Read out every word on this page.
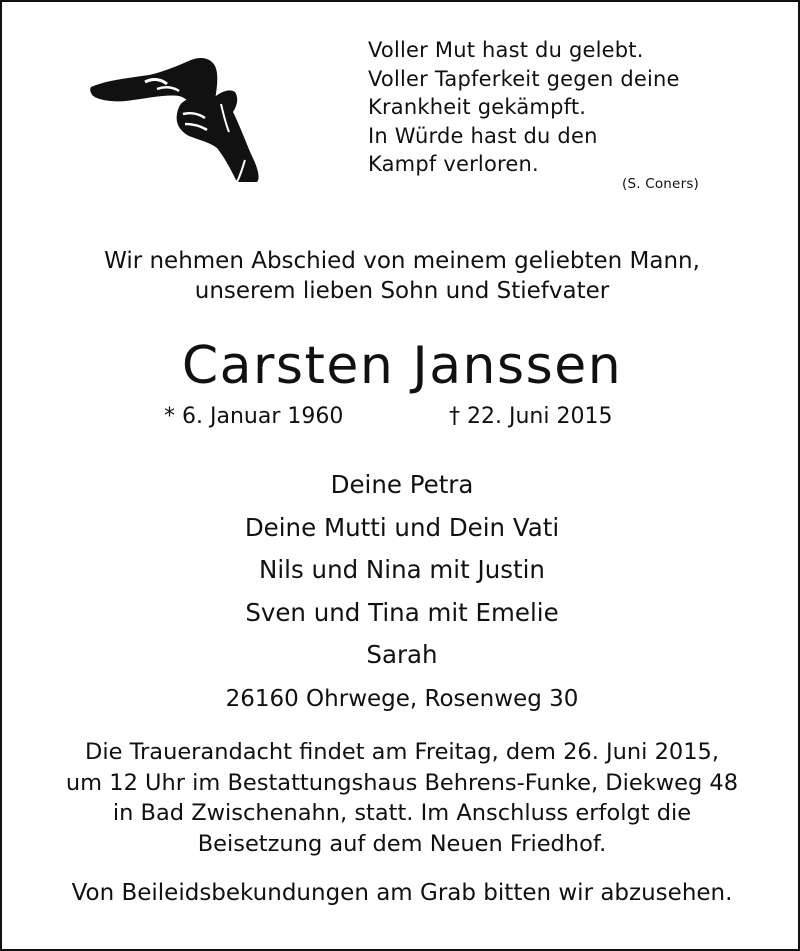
Voller Mut hast du gelebt.
Voller Tapferkeit gegen deine
Krankheit gekämpft.
In Würde hast du den
Kampf verloren.
(S. Coners)
Wir nehmen Abschied von meinem geliebten Mann,
unserem lieben Sohn und Stiefvater
Carsten Janssen
* 6. Januar 1960	† 22. Juni 2015
Deine Petra
Deine Mutti und Dein Vati
Nils und Nina mit Justin
Sven und Tina mit Emelie
Sarah
26160 Ohrwege, Rosenweg 30
Die Trauerandacht findet am Freitag, dem 26. Juni 2015,
um 12 Uhr im Bestattungshaus Behrens-Funke, Diekweg 48
in Bad Zwischenahn, statt. Im Anschluss erfolgt die
Beisetzung auf dem Neuen Friedhof.
Von Beileidsbekundungen am Grab bitten wir abzusehen.
